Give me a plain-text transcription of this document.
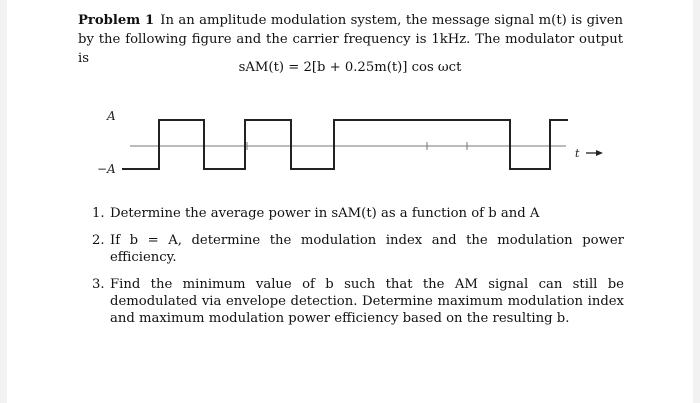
Problem 1 In an amplitude modulation system, the message signal m(t) is given by the following figure and the carrier frequency is 1kHz. The modulator output is
sAM(t) = 2[b + 0.25m(t)] cos ωct
A
−A
t
1. Determine the average power in sAM(t) as a function of b and A
2. If b = A, determine the modulation index and the modulation power efficiency.
3. Find the minimum value of b such that the AM signal can still be demodulated via envelope detection. Determine maximum modulation index and maximum modulation power efficiency based on the resulting b.
